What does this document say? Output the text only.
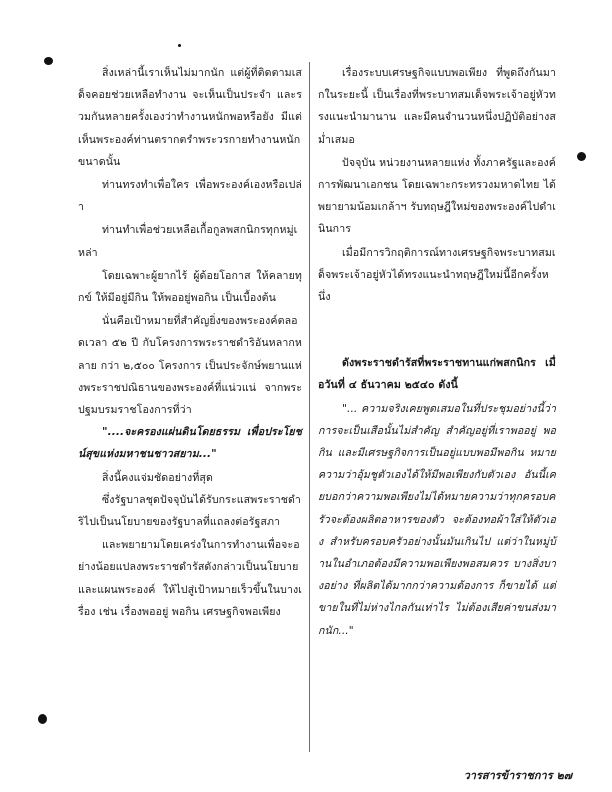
สิ่งเหล่านี้เราเห็นไม่มากนัก แต่ผู้ที่ติดตามเสด็จคอยช่วยเหลือทำงาน จะเห็นเป็นประจำ และรวมกันหลายครั้งเองว่าทำงานหนักพอหรือยัง มีแต่เห็นพระองค์ท่านตรากตรำพระวรกายทำงานหนักขนาดนั้น

ท่านทรงทำเพื่อใคร เพื่อพระองค์เองหรือเปล่า

ท่านทำเพื่อช่วยเหลือเกื้อกูลพสกนิกรทุกหมู่เหล่า

โดยเฉพาะผู้ยากไร้ ผู้ด้อยโอกาส ให้คลายทุกข์ ให้มีอยู่มีกิน ให้พออยู่พอกิน เป็นเบื้องต้น

นั่นคือเป้าหมายที่สำคัญยิ่งของพระองค์ตลอดเวลา ๕๒ ปี กับโครงการพระราชดำริอันหลากหลาย กว่า ๒,๕๐๐ โครงการ เป็นประจักษ์พยานแห่งพระราชปณิธานของพระองค์ที่แน่วแน่ จากพระปฐมบรมราชโองการที่ว่า

"....จะครองแผ่นดินโดยธรรม เพื่อประโยชน์สุขแห่งมหาชนชาวสยาม..."

สิ่งนี้คงแจ่มชัดอย่างที่สุด

ซึ่งรัฐบาลชุดปัจจุบันได้รับกระแสพระราชดำริไปเป็นนโยบายของรัฐบาลที่แถลงต่อรัฐสภา

และพยายามโดยเคร่งในการทำงานเพื่อจะอย่างน้อยแปลงพระราชดำรัสดังกล่าวเป็นนโยบายและแผนพระองค์ ให้ไปสู่เป้าหมายเร็วขึ้นในบางเรื่อง เช่น เรื่องพออยู่ พอกิน เศรษฐกิจพอเพียง

เรื่องระบบเศรษฐกิจแบบพอเพียง ที่พูดถึงกันมากในระยะนี้ เป็นเรื่องที่พระบาทสมเด็จพระเจ้าอยู่หัวทรงแนะนำมานาน และมีคนจำนวนหนึ่งปฏิบัติอย่างสม่ำเสมอ

ปัจจุบัน หน่วยงานหลายแห่ง ทั้งภาครัฐและองค์การพัฒนาเอกชน โดยเฉพาะกระทรวงมหาดไทย ได้พยายามน้อมเกล้าฯ รับทฤษฎีใหม่ของพระองค์ไปดำเนินการ

เมื่อมีการวิกฤติการณ์ทางเศรษฐกิจพระบาทสมเด็จพระเจ้าอยู่หัวได้ทรงแนะนำทฤษฎีใหม่นี้อีกครั้งหนึ่ง

ดังพระราชดำรัสที่พระราชทานแก่พสกนิกร เมื่อวันที่ ๔ ธันวาคม ๒๕๔๐ ดังนี้

"... ความจริงเคยพูดเสมอในที่ประชุมอย่างนี้ว่า การจะเป็นเสือนั้นไม่สำคัญ สำคัญอยู่ที่เราพออยู่ พอกิน และมีเศรษฐกิจการเป็นอยู่แบบพอมีพอกิน หมายความว่าอุ้มชูตัวเองได้ให้มีพอเพียงกับตัวเอง อันนี้เคยบอกว่าความพอเพียงไม่ได้หมายความว่าทุกครอบครัวจะต้องผลิตอาหารของตัว จะต้องทอผ้าใส่ให้ตัวเอง สำหรับครอบครัวอย่างนั้นมันเกินไป แต่ว่าในหมู่บ้านในอำเภอต้องมีความพอเพียงพอสมควร บางสิ่งบางอย่าง ที่ผลิตได้มากกว่าความต้องการ ก็ขายได้ แต่ขายในที่ไม่ห่างไกลกันเท่าไร ไม่ต้องเสียค่าขนส่งมากนัก..."

วารสารข้าราชการ ๒๗
